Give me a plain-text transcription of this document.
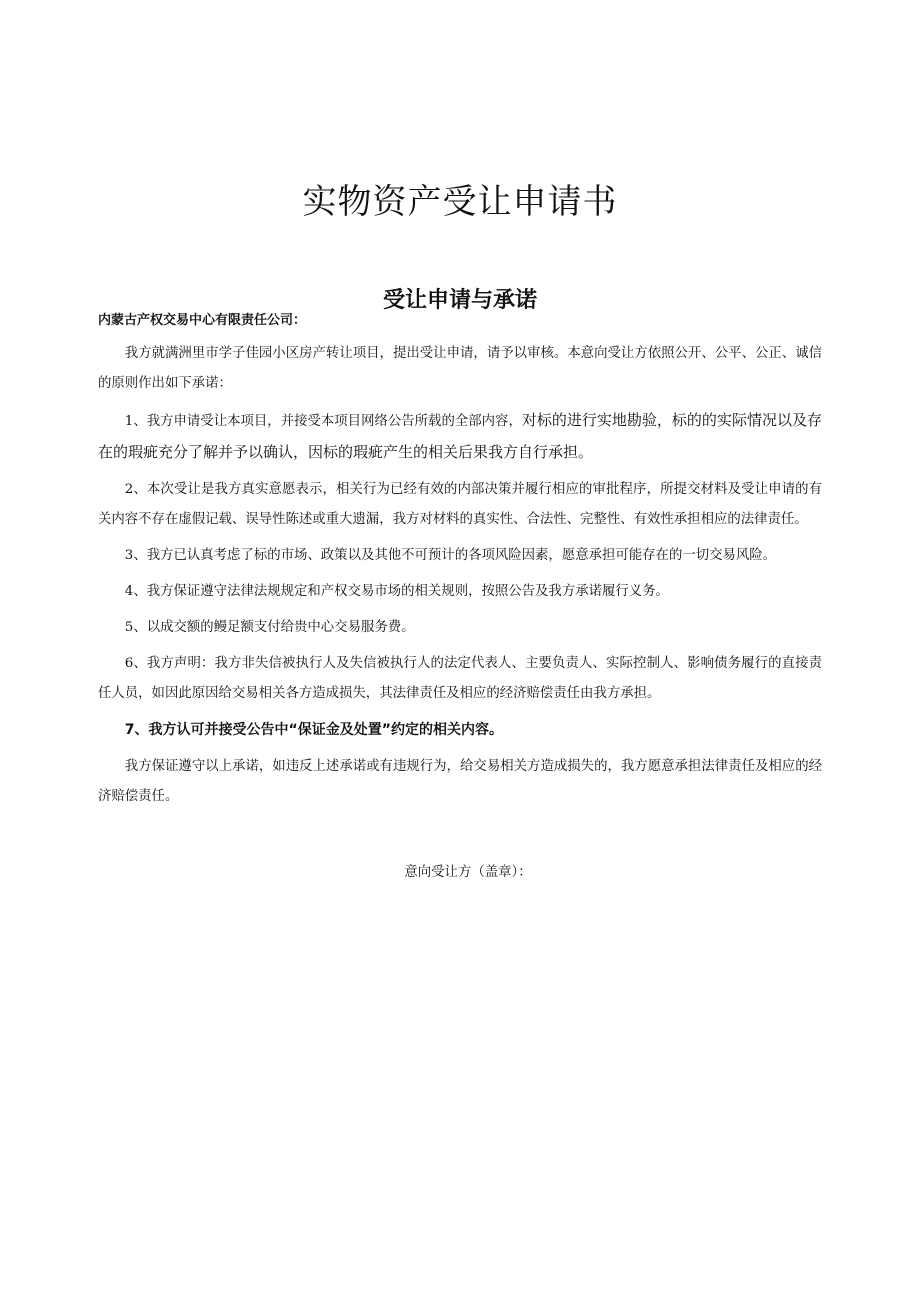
实物资产受让申请书
受让申请与承诺

内蒙古产权交易中心有限责任公司：

我方就满洲里市学子佳园小区房产转让项目，提出受让申请，请予以审核。本意向受让方依照公开、公平、公正、诚信的原则作出如下承诺：

1、我方申请受让本项目，并接受本项目网络公告所载的全部内容，对标的进行实地勘验，标的的实际情况以及存在的瑕疵充分了解并予以确认，因标的瑕疵产生的相关后果我方自行承担。

2、本次受让是我方真实意愿表示，相关行为已经有效的内部决策并履行相应的审批程序，所提交材料及受让申请的有关内容不存在虚假记载、误导性陈述或重大遗漏，我方对材料的真实性、合法性、完整性、有效性承担相应的法律责任。

3、我方已认真考虑了标的市场、政策以及其他不可预计的各项风险因素，愿意承担可能存在的一切交易风险。

4、我方保证遵守法律法规规定和产权交易市场的相关规则，按照公告及我方承诺履行义务。

5、以成交额的鳗足额支付给贵中心交易服务费。

6、我方声明：我方非失信被执行人及失信被执行人的法定代表人、主要负责人、实际控制人、影响债务履行的直接责任人员，如因此原因给交易相关各方造成损失，其法律责任及相应的经济赔偿责任由我方承担。

7、我方认可并接受公告中“保证金及处置”约定的相关内容。

我方保证遵守以上承诺，如违反上述承诺或有违规行为，给交易相关方造成损失的，我方愿意承担法律责任及相应的经济赔偿责任。

意向受让方（盖章）：
